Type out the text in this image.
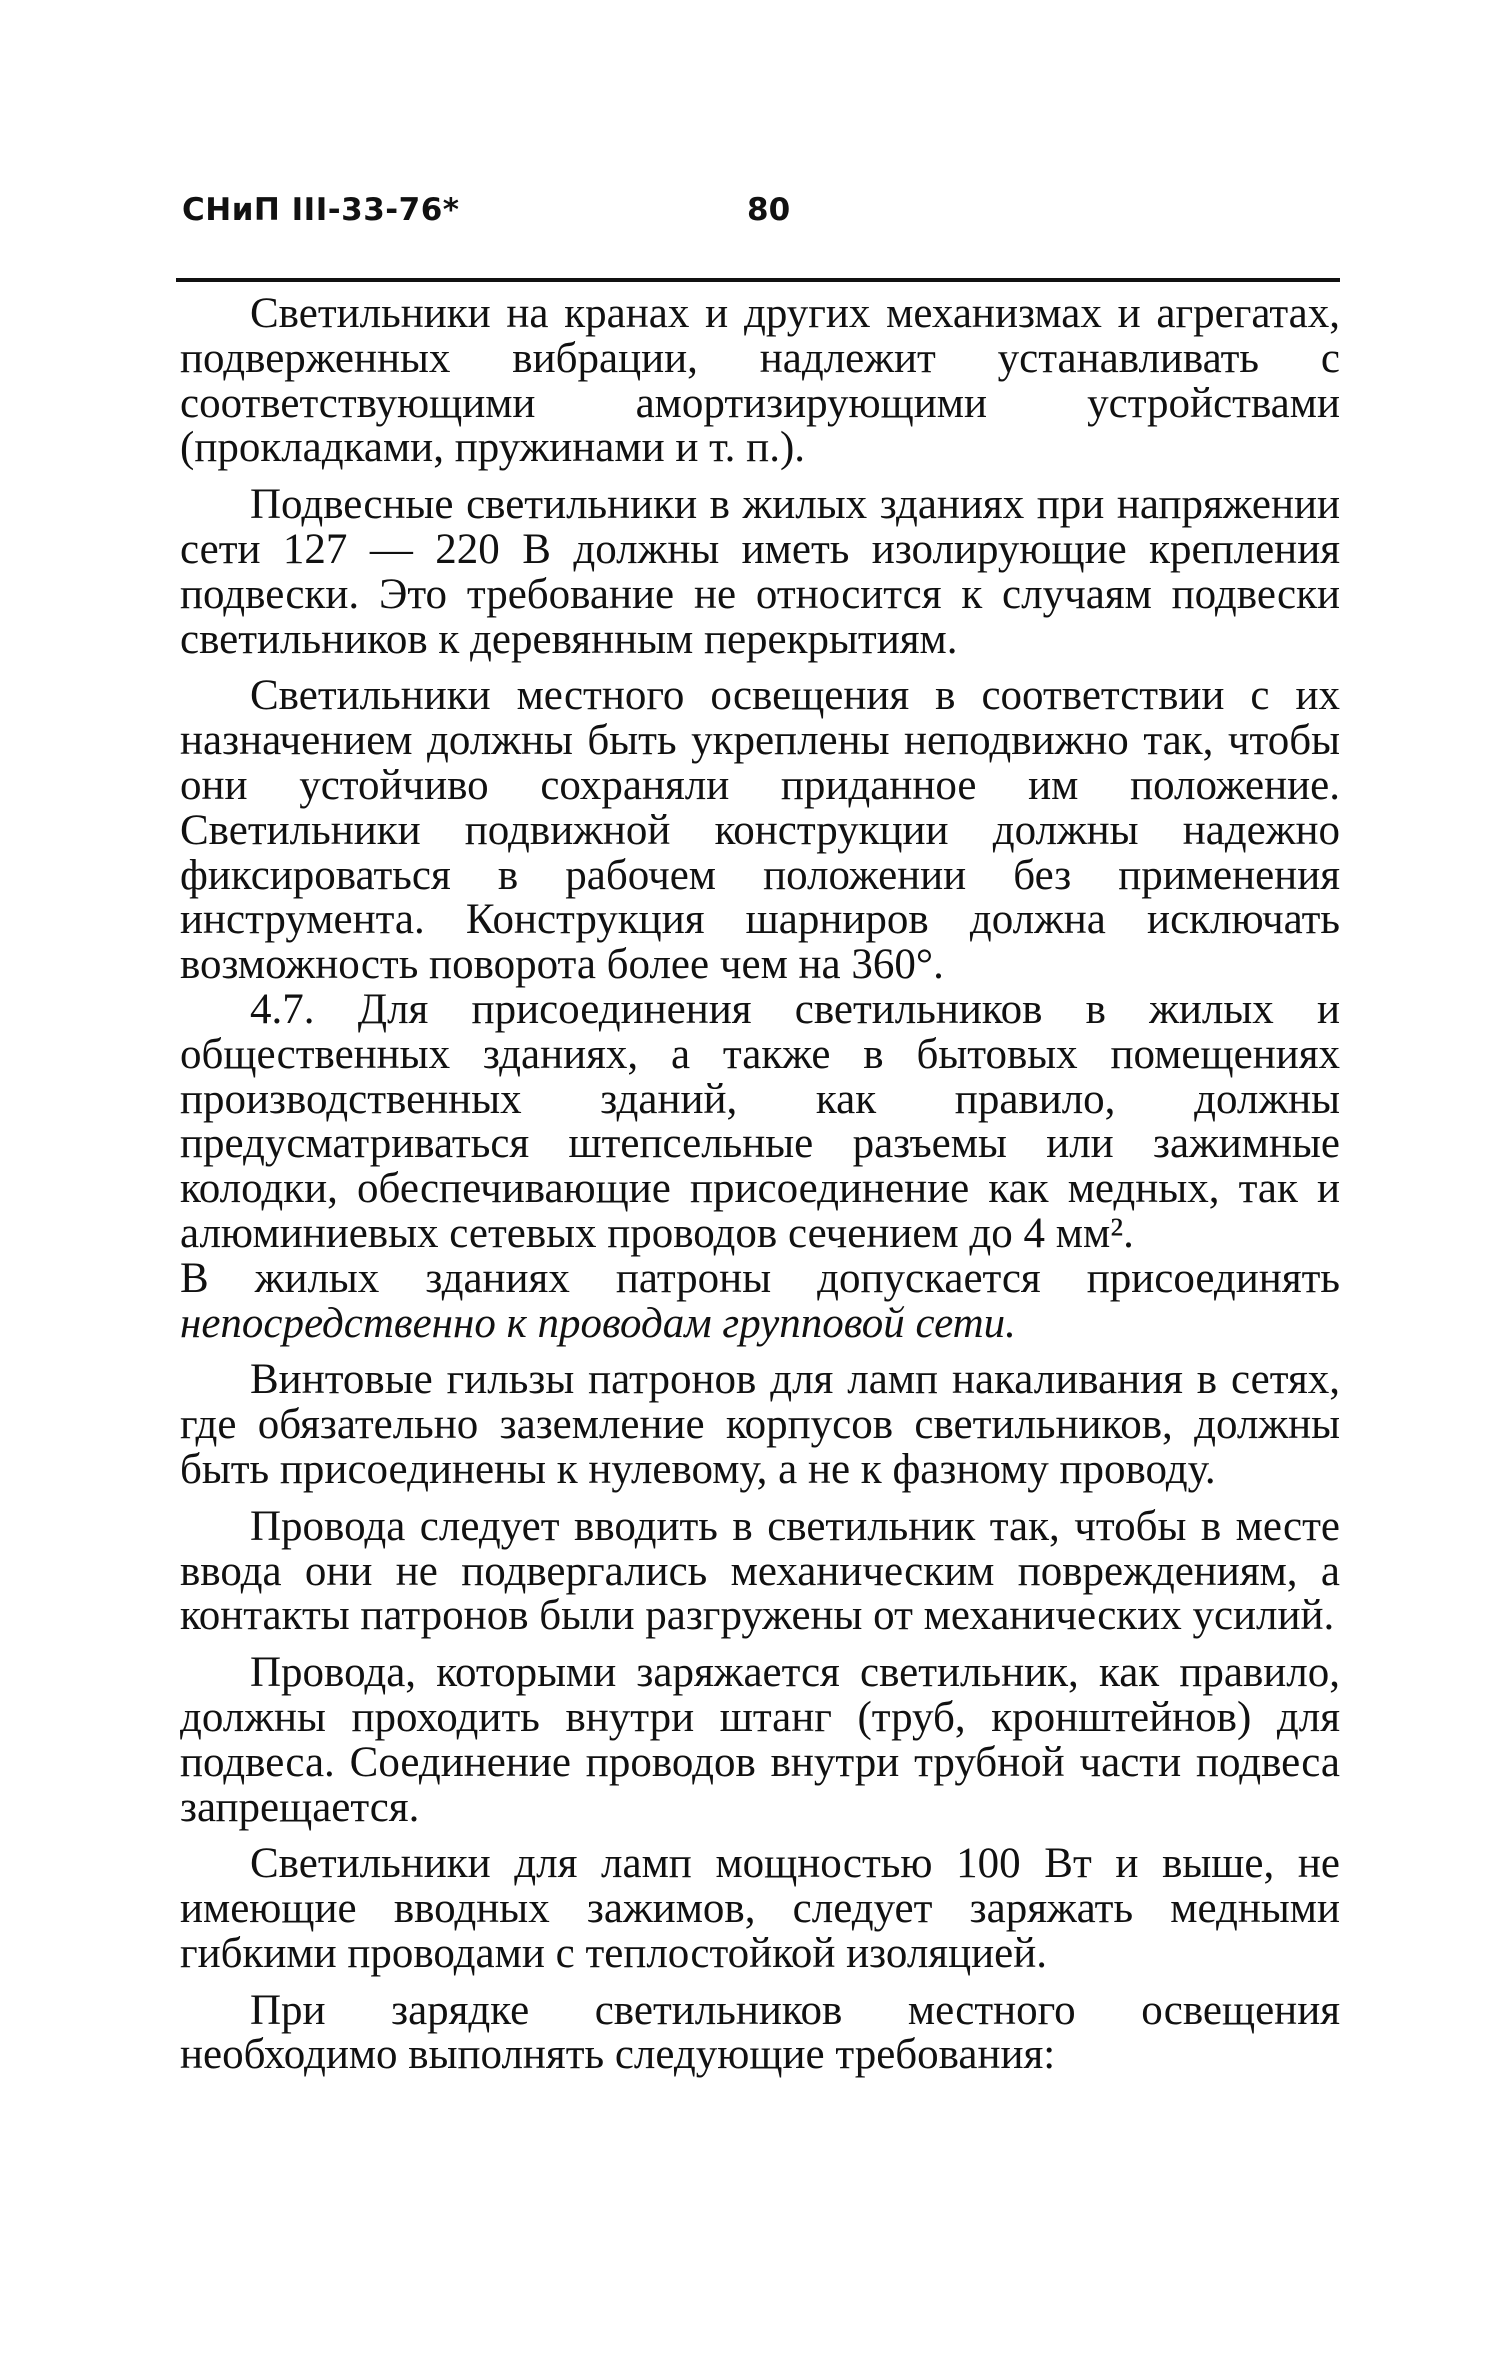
СНиП III-33-76*	80

Светильники на кранах и других механизмах и агрегатах, подверженных вибрации, надлежит устанавливать с соответствующими амортизирующими устройствами (прокладками, пружинами и т. п.).

Подвесные светильники в жилых зданиях при напряжении сети 127 — 220 В должны иметь изолирующие крепления подвески. Это требование не относится к случаям подвески светильников к деревянным перекрытиям.

Светильники местного освещения в соответствии с их назначением должны быть укреплены неподвижно так, чтобы они устойчиво сохраняли приданное им положение. Светильники подвижной конструкции должны надежно фиксироваться в рабочем положении без применения инструмента. Конструкция шарниров должна исключать возможность поворота более чем на 360°.

4.7. Для присоединения светильников в жилых и общественных зданиях, а также в бытовых помещениях производственных зданий, как правило, должны предусматриваться штепсельные разъемы или зажимные колодки, обеспечивающие присоединение как медных, так и алюминиевых сетевых проводов сечением до 4 мм².

В жилых зданиях патроны допускается присоединять непосредственно к проводам групповой сети.

Винтовые гильзы патронов для ламп накаливания в сетях, где обязательно заземление корпусов светильников, должны быть присоединены к нулевому, а не к фазному проводу.

Провода следует вводить в светильник так, чтобы в месте ввода они не подвергались механическим повреждениям, а контакты патронов были разгружены от механических усилий.

Провода, которыми заряжается светильник, как правило, должны проходить внутри штанг (труб, кронштейнов) для подвеса. Соединение проводов внутри трубной части подвеса запрещается.

Светильники для ламп мощностью 100 Вт и выше, не имеющие вводных зажимов, следует заряжать медными гибкими проводами с теплостойкой изоляцией.

При зарядке светильников местного освещения необходимо выполнять следующие требования:
